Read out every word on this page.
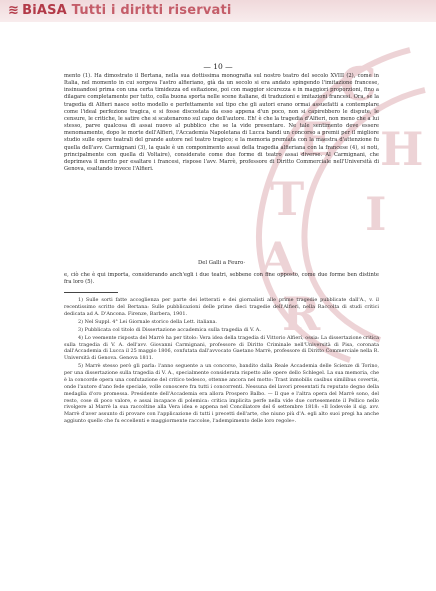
≋ BiASA Tutti i diritti riservati
C
E
T
A
R
H
I
— 10 —

mento (1). Ha dimostrato il Bertana, nella sua dottissima monografia sul nostro teatro del secolo XVIII (2), come in Italia, nel momento in cui sorgeva l'astro alfieriano, già da un secolo si era andato spingendo l'imitazione francese, insinuandosi prima con una certa timidezza ed esitazione, poi con maggior sicurezza e in maggiori proporzioni, fino a dilagare completamente per tutto, colla buona sporta nelle scene italiane, di traduzioni e imitazioni francesi. Ora, se la tragedia di Alfieri nasce sotto modello e perfettamente sul tipo che gli autori erano ormai assuefatti a contemplare come l'ideal perfezione tragica, e si fosse discostata da esso appena d'un poco, non si capirebbero le dispute, le censure, le critiche, le satire che si scatenarono sul capo dell'autore. Eh! è che la tragedia d'Alfieri, non meno che a lui stesso, parve qualcosa di assai nuovo al pubblico che se la vide presentare. Ne tale sentimento deve essere menomamente, dopo le morte dell'Alfieri, l'Accademia Napoletana di Lucca bandi un concorso a premii per il migliore studio sulle opere teatrali del grande autore nel teatro tragico; e la memoria premiata con la maestra d'attenzione fu quella dell'avv. Carmignani (3), la quale è un componimento assai della tragedia alfieriana con la francese (4), si noti, principalmente con quella di Voltaire), considerate come due forme di teatro assai diverse. Al Carmignani, che deprimeva il merito per esaltare i francesi, rispose l'avv. Marrè, professore di Diritto Commerciale nell'Università di Genova, esaltando invece l'Alfieri.

Del Galli a Feuro·

e, ciò che è qui importa, considerando anch'egli i due teatri, sebbene con fine opposto, come due forme ben distinte fra loro (5).

1) Sulle sorti fatte accoglienza per parte dei letterati e dei giornalisti alle prime tragedie pubblicate dall'A., v. il recentissimo scritto del Bertana: Sulle pubblicazioni delle prime dieci tragedie dell'Alfieri, nella Raccolta di studi critici dedicata ad A. D'Ancona. Firenze, Barbera, 1901.

2) Nel Suppl. 4° Lei Giornale storico della Lett. italiana.

3) Pubblicata col titolo di Dissertazione accademica sulla tragedia di V. A.

4) Lo veemente risposta del Marrè ha per titolo: Vera idea della tragedia di Vittorio Alfieri, ossia: La dissertazione critica sulla tragedia di V. A. dell'avv. Giovanni Carmignani, professore di Diritto Criminale nell'Università di Pisa, coronata dall'Accademia di Lucca il 25 maggio 1806, confutata dall'avvocato Gaetano Marrè, professore di Diritto Commerciale nella R. Università di Genova. Genova 1811.

5) Marrè stesso però gli parla: l'anno seguente a un concorso, bandito dalla Reale Accademia delle Scienze di Torino, per una dissertazione sulla tragedia di V. A., specialmente considerata rispetto alle opere dello Schlegel. La sua memoria, che è la concorde opera una confutazione del critico tedesco, ottenne ancora nel motto: Trast inmobilis casibus similibus covertis, onde l'autore d'ano fede speciale, volle conoscere fra tutti i concorrenti. Nessuna del lavori presentati fu reputato degno della medaglia d'oro promessa. Presidente dell'Accademia era allora Prospero Balbo. — Il que e l'altra opera del Marrè sono, del resto, cose di poco valore, e assai incapace di polemica: critica implicita perfe nella vide due cortesemente il Pellico nello rivolgere al Marrè la sua raccoltine alla Vera idea e appena nel Conciliatore del 6 settembre 1818: «Il Iodevole il sig. avv. Marrè d'aver assunto di provare con l'applicazione di tutti i precetti dell'arte, che niuno più d'A. egli alto suoi pregi ha anche aggiunto quello che fu eccellenti e maggiormente raccolse, l'adempimento delle loro regole».
